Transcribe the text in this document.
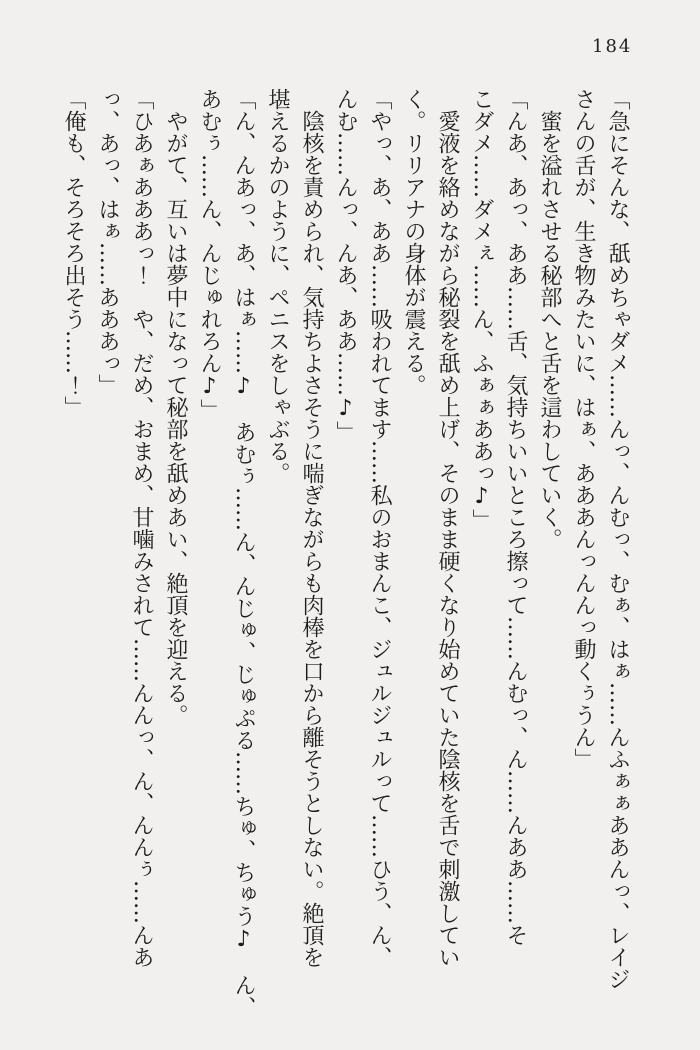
184

「急にそんな、舐めちゃダメ……んっ、んむっ、むぁ、はぁ……んふぁぁああんっ、レイジ

さんの舌が、生き物みたいに、はぁ、あああんっんんっ動くぅうん」

蜜を溢れさせる秘部へと舌を這わしていく。

「んあ、あっ、ああ……舌、気持ちいいところ擦って……んむっ、ん……んああ……そ

こダメ……ダメぇ……ん、ふぁぁああっ♪」

愛液を絡めながら秘裂を舐め上げ、そのまま硬くなり始めていた陰核を舌で刺激してい

く。リリアナの身体が震える。

「やっ、あ、ああ……吸われてます……私のおまんこ、ジュルジュルって……ひう、ん、

んむ……んっ、んあ、ああ……♪」

陰核を責められ、気持ちよさそうに喘ぎながらも肉棒を口から離そうとしない。絶頂を

堪えるかのように、ペニスをしゃぶる。

「ん、んあっ、あ、はぁ……♪　あむぅ……ん、んじゅ、じゅぷる……ちゅ、ちゅう♪　ん、

あむぅ……ん、んじゅれろん♪」

やがて、互いは夢中になって秘部を舐めあい、絶頂を迎える。

「ひあぁあああっ！　や、だめ、おまめ、甘噛みされて……んんっ、ん、んんぅ……んあ

っ、あっ、はぁ……あああっ」

「俺も、そろそろ出そう……！」
